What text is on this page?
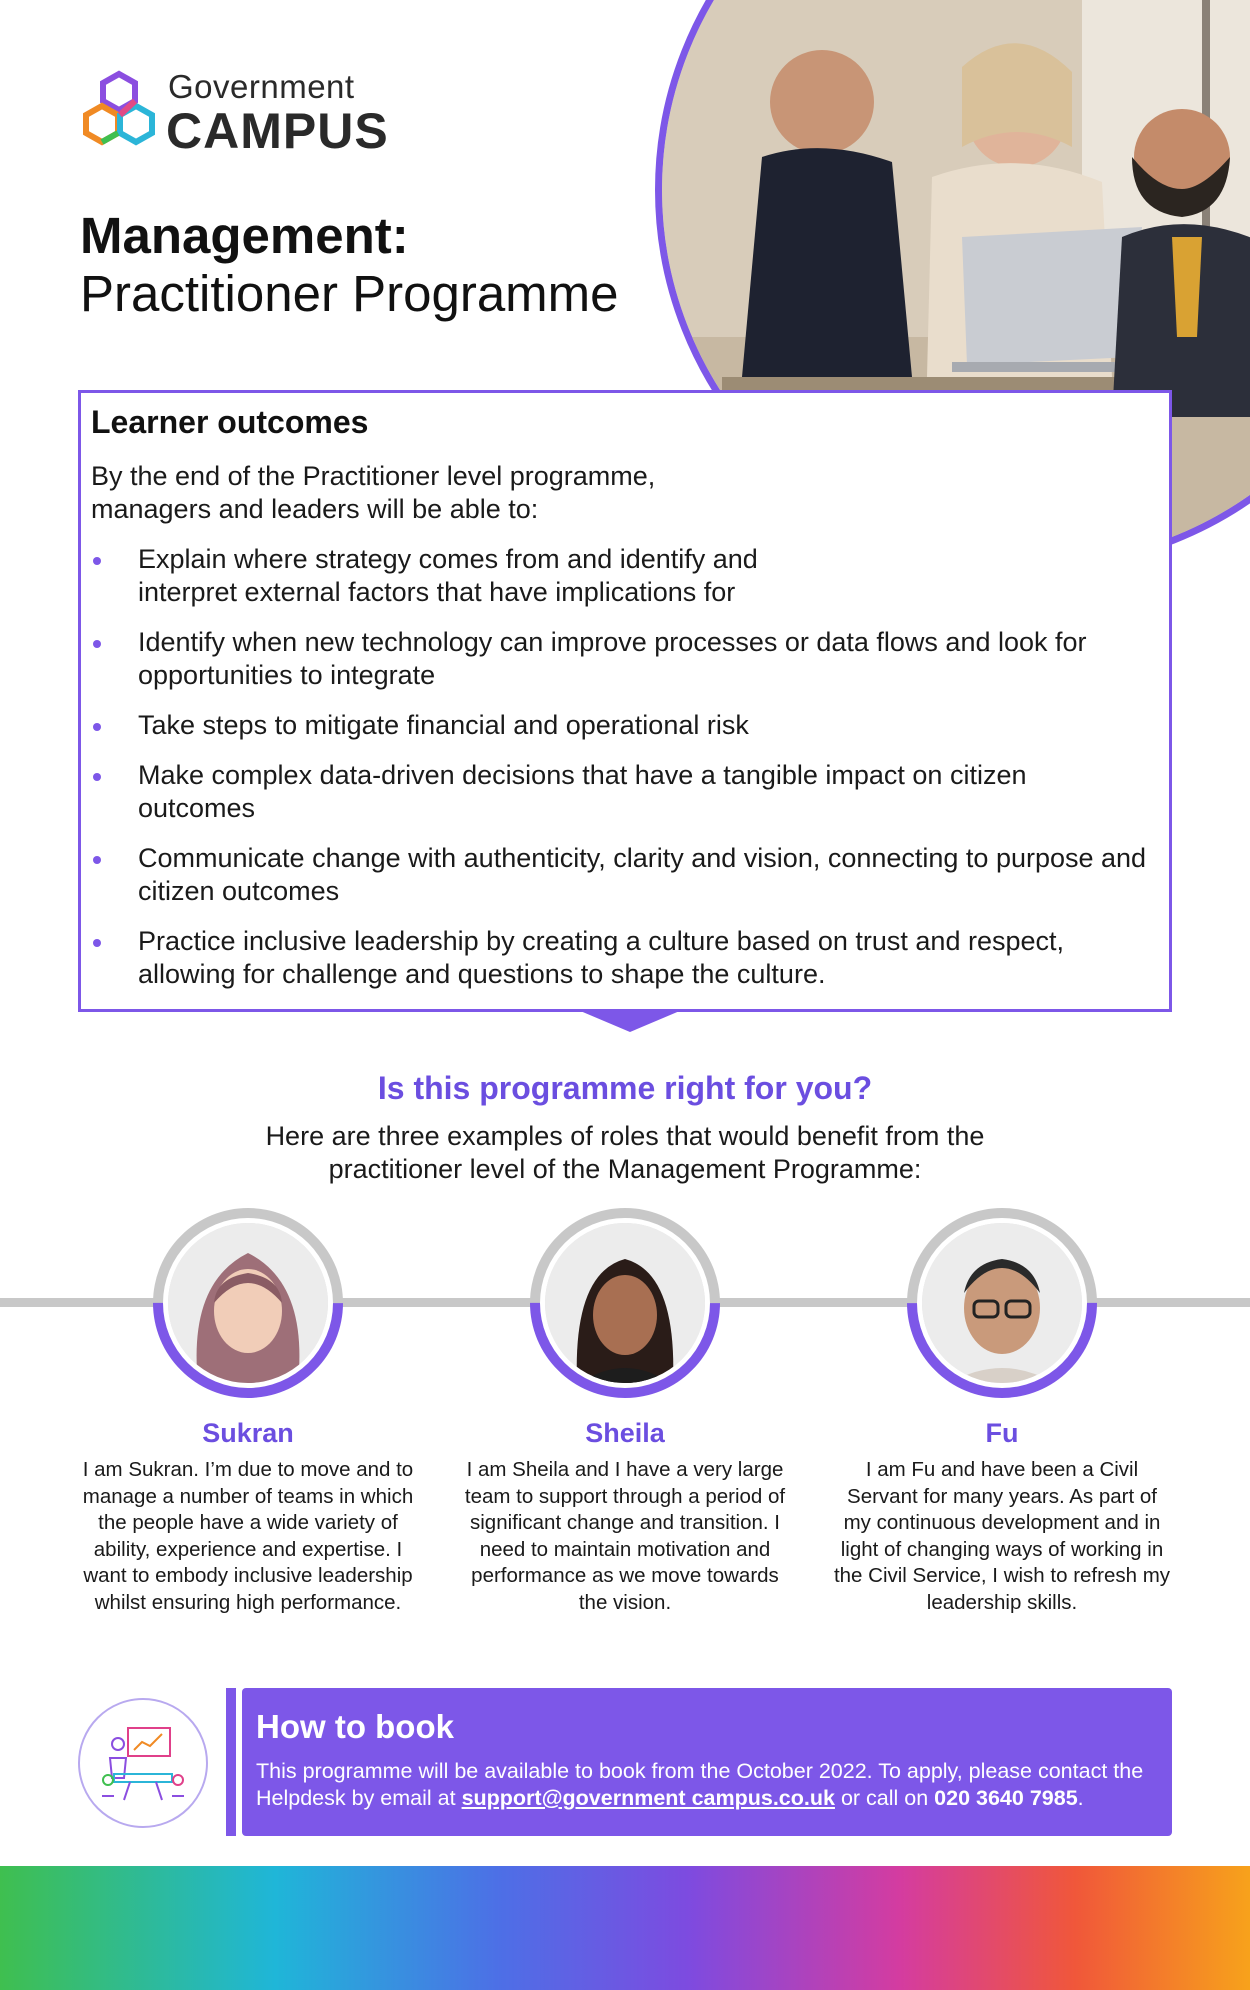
Government
CAMPUS
Management:
Practitioner Programme
Learner outcomes
By the end of the Practitioner level programme, managers and leaders will be able to:
Explain where strategy comes from and identify and interpret external factors that have implications for
Identify when new technology can improve processes or data flows and look for opportunities to integrate
Take steps to mitigate financial and operational risk
Make complex data-driven decisions that have a tangible impact on citizen outcomes
Communicate change with authenticity, clarity and vision, connecting to purpose and citizen outcomes
Practice inclusive leadership by creating a culture based on trust and respect, allowing for challenge and questions to shape the culture.
Is this programme right for you?
Here are three examples of roles that would benefit from the practitioner level of the Management Programme:
Sukran
I am Sukran. I’m due to move and to manage a number of teams in which the people have a wide variety of ability, experience and expertise. I want to embody inclusive leadership whilst ensuring high performance.
Sheila
I am Sheila and I have a very large team to support through a period of significant change and transition. I need to maintain motivation and performance as we move towards the vision.
Fu
I am Fu and have been a Civil Servant for many years. As part of my continuous development and in light of changing ways of working in the Civil Service, I wish to refresh my leadership skills.
How to book
This programme will be available to book from the October 2022. To apply, please contact the Helpdesk by email at support@government campus.co.uk or call on 020 3640 7985.
